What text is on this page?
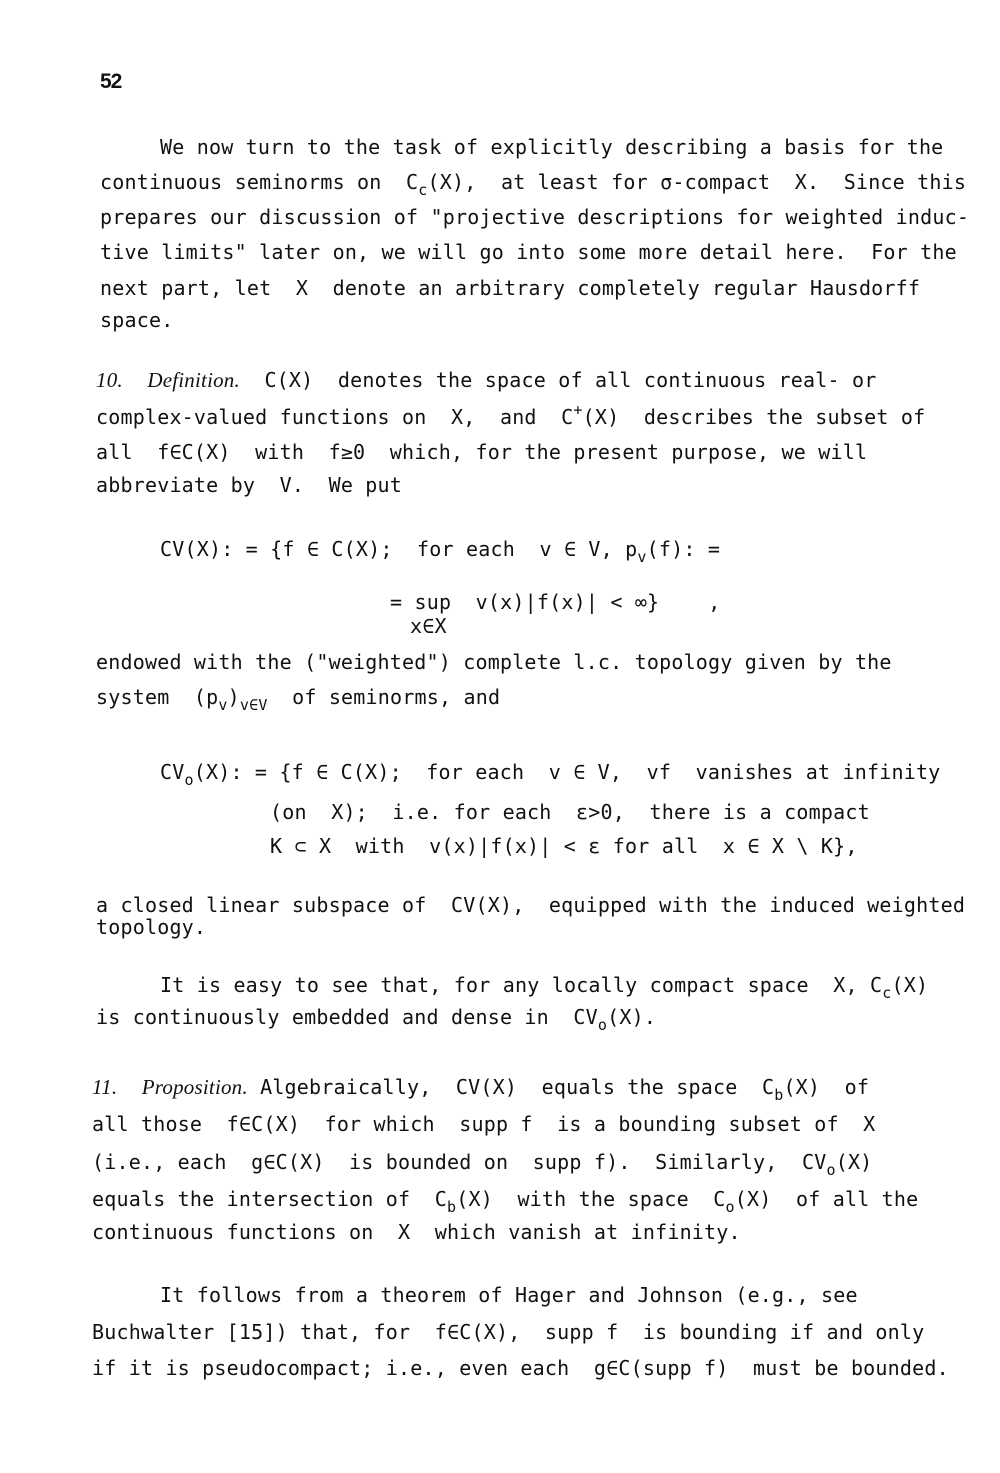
52
We now turn to the task of explicitly describing a basis for the
continuous seminorms on  $C_c(X)$,  at least for σ-compact  X.  Since this
prepares our discussion of "projective descriptions for weighted induc-
tive limits" later on, we will go into some more detail here.  For the
next part, let  X  denote an arbitrary completely regular Hausdorff
space.
10. Definition. C(X)  denotes the space of all continuous real- or
complex-valued functions on  X,  and  C+(X)  describes the subset of
all  f∈C(X)  with  f≥0  which, for the present purpose, we will
abbreviate by  V.  We put
CV(X): = {f ∈ C(X);  for each  v ∈ V, $p_v(f)$: =
= sup  v(x)|f(x)| < ∞} ,
x∈X
endowed with the ("weighted") complete l.c. topology given by the
system  $(p_v)_{v\in V}$  of seminorms, and
$CV_o(X)$: = {f ∈ C(X);  for each  v ∈ V,  vf  vanishes at infinity
(on  X);  i.e. for each  ε>0,  there is a compact
K ⊂ X  with  v(x)|f(x)| < ε for all  x ∈ X \ K},
a closed linear subspace of  CV(X),  equipped with the induced weighted
topology.
It is easy to see that, for any locally compact space  X, $C_c(X)$
is continuously embedded and dense in  $CV_o(X)$.
11. Proposition. Algebraically,  CV(X)  equals the space  $C_b(X)$  of
all those  f∈C(X)  for which  supp f  is a bounding subset of  X
(i.e., each  g∈C(X)  is bounded on  supp f).  Similarly,  $CV_o(X)$
equals the intersection of  $C_b(X)$  with the space  $C_o(X)$  of all the
continuous functions on  X  which vanish at infinity.
It follows from a theorem of Hager and Johnson (e.g., see
Buchwalter [15]) that, for  f∈C(X),  supp f  is bounding if and only
if it is pseudocompact; i.e., even each  g∈C(supp f)  must be bounded.
